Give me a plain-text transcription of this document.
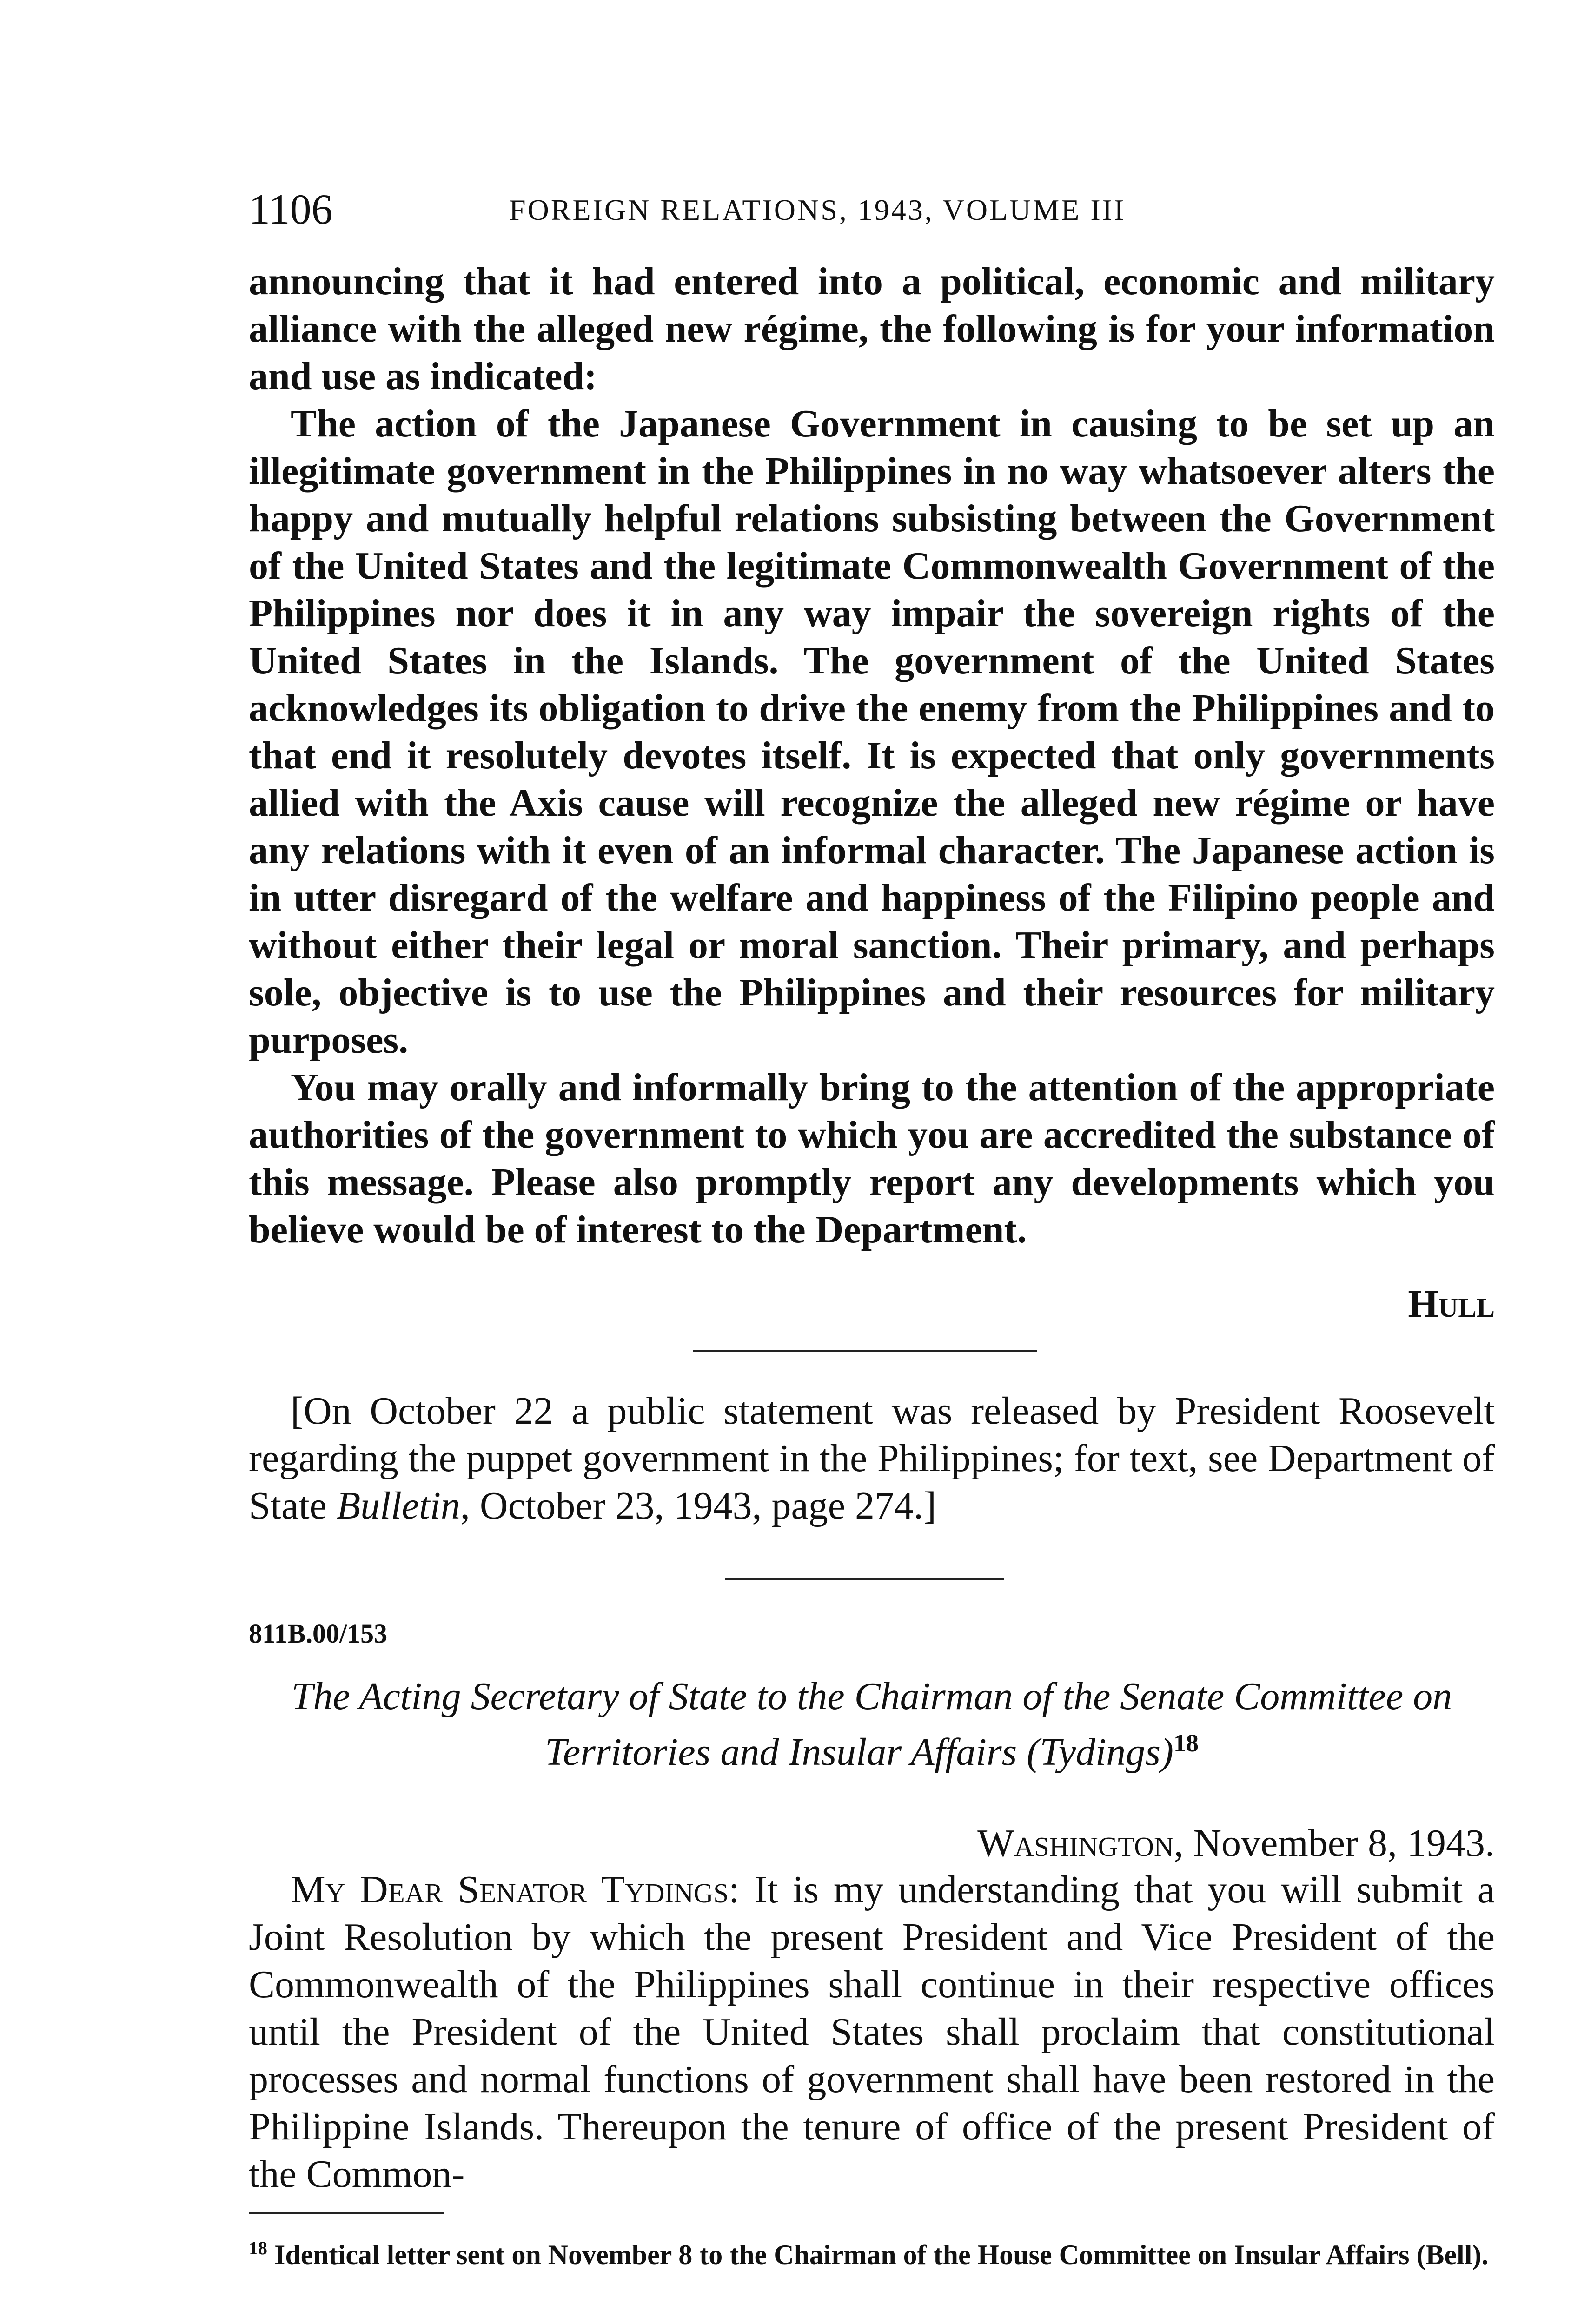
1106	FOREIGN RELATIONS, 1943, VOLUME III

announcing that it had entered into a political, economic and military alliance with the alleged new régime, the following is for your information and use as indicated:

The action of the Japanese Government in causing to be set up an illegitimate government in the Philippines in no way whatsoever alters the happy and mutually helpful relations subsisting between the Government of the United States and the legitimate Commonwealth Government of the Philippines nor does it in any way impair the sovereign rights of the United States in the Islands. The government of the United States acknowledges its obligation to drive the enemy from the Philippines and to that end it resolutely devotes itself. It is expected that only governments allied with the Axis cause will recognize the alleged new régime or have any relations with it even of an informal character. The Japanese action is in utter disregard of the welfare and happiness of the Filipino people and without either their legal or moral sanction. Their primary, and perhaps sole, objective is to use the Philippines and their resources for military purposes.

You may orally and informally bring to the attention of the appropriate authorities of the government to which you are accredited the substance of this message. Please also promptly report any developments which you believe would be of interest to the Department.

Hull

[On October 22 a public statement was released by President Roosevelt regarding the puppet government in the Philippines; for text, see Department of State Bulletin, October 23, 1943, page 274.]

811B.00/153
The Acting Secretary of State to the Chairman of the Senate Committee on Territories and Insular Affairs (Tydings)$^{18}$
Washington, November 8, 1943.

My Dear Senator Tydings: It is my understanding that you will submit a Joint Resolution by which the present President and Vice President of the Commonwealth of the Philippines shall continue in their respective offices until the President of the United States shall proclaim that constitutional processes and normal functions of government shall have been restored in the Philippine Islands. Thereupon the tenure of office of the present President of the Common-

$^{18}$ Identical letter sent on November 8 to the Chairman of the House Committee on Insular Affairs (Bell).
